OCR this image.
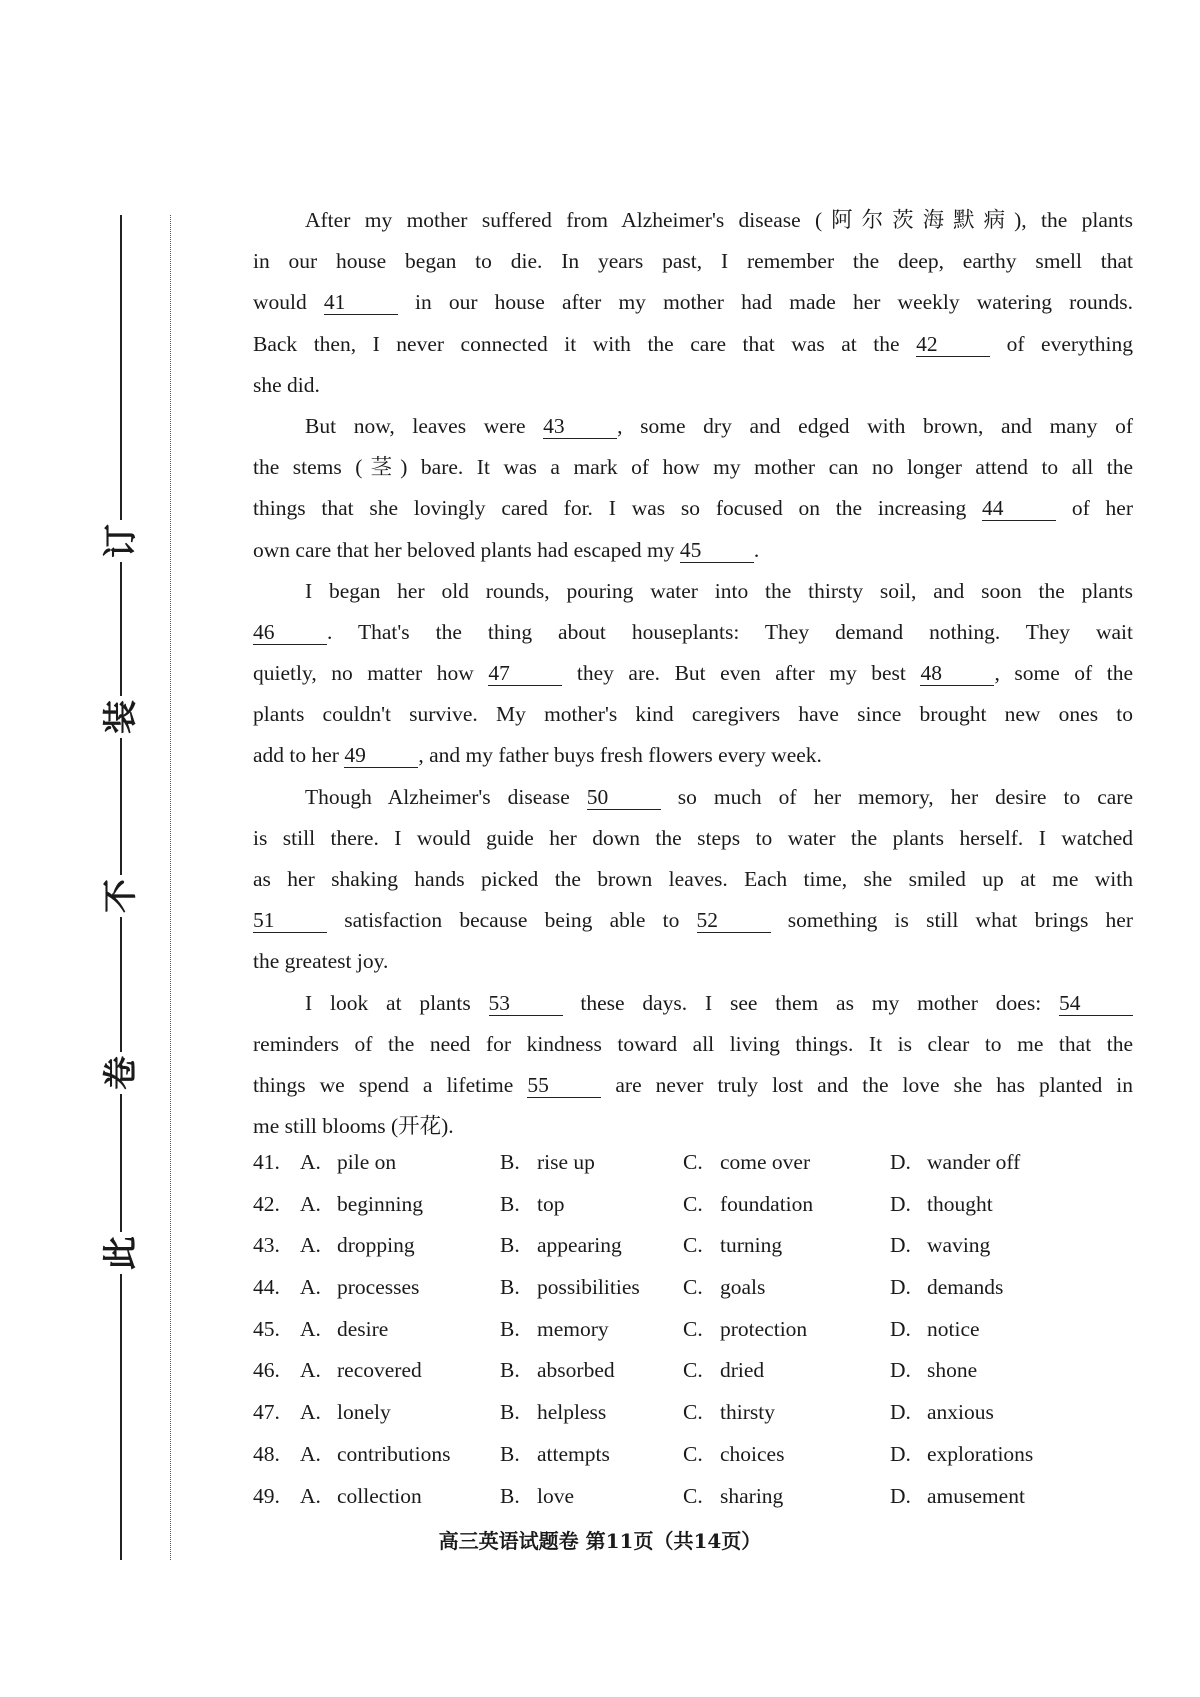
订
装
不
卷
此
After my mother suffered from Alzheimer's disease (阿尔茨海默病), the plants
in our house began to die. In years past, I remember the deep, earthy smell that
would 41 in our house after my mother had made her weekly watering rounds.
Back then, I never connected it with the care that was at the 42 of everything
she did.
But now, leaves were 43 , some dry and edged with brown, and many of
the stems (茎) bare. It was a mark of how my mother can no longer attend to all the
things that she lovingly cared for. I was so focused on the increasing 44 of her
own care that her beloved plants had escaped my 45 .
I began her old rounds, pouring water into the thirsty soil, and soon the plants
46 . That's the thing about houseplants: They demand nothing. They wait
quietly, no matter how 47 they are. But even after my best 48 , some of the
plants couldn't survive. My mother's kind caregivers have since brought new ones to
add to her 49 , and my father buys fresh flowers every week.
Though Alzheimer's disease 50 so much of her memory, her desire to care
is still there. I would guide her down the steps to water the plants herself. I watched
as her shaking hands picked the brown leaves. Each time, she smiled up at me with
51 satisfaction because being able to 52 something is still what brings her
the greatest joy.
I look at plants 53 these days. I see them as my mother does: 54
reminders of the need for kindness toward all living things. It is clear to me that the
things we spend a lifetime 55 are never truly lost and the love she has planted in
me still blooms (开花).
41. A. pile on	B. rise up	C. come over	D. wander off
42. A. beginning	B. top	C. foundation	D. thought
43. A. dropping	B. appearing	C. turning	D. waving
44. A. processes	B. possibilities C. goals	D. demands
45. A. desire	B. memory	C. protection	D. notice
46. A. recovered	B. absorbed	C. dried	D. shone
47. A. lonely	B. helpless	C. thirsty	D. anxious
48. A. contributions B. attempts	C. choices	D. explorations
49. A. collection	B. love	C. sharing	D. amusement
高三英语试题卷 第11页（共14页）
